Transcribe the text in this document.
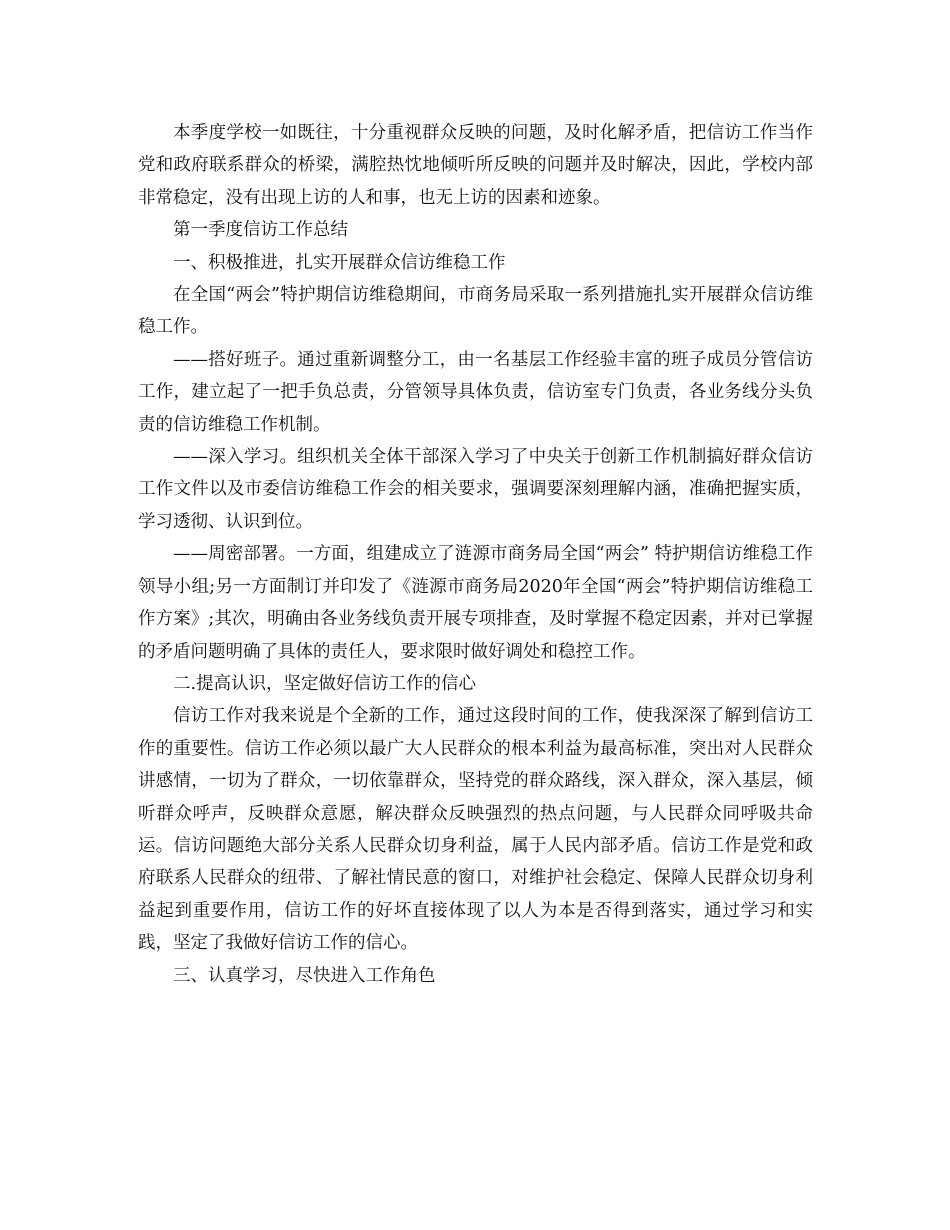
本季度学校一如既往，十分重视群众反映的问题，及时化解矛盾，把信访工作当作党和政府联系群众的桥梁，满腔热忱地倾听所反映的问题并及时解决，因此，学校内部非常稳定，没有出现上访的人和事，也无上访的因素和迹象。

第一季度信访工作总结

一、积极推进，扎实开展群众信访维稳工作

在全国“两会”特护期信访维稳期间，市商务局采取一系列措施扎实开展群众信访维稳工作。

——搭好班子。通过重新调整分工，由一名基层工作经验丰富的班子成员分管信访工作，建立起了一把手负总责，分管领导具体负责，信访室专门负责，各业务线分头负责的信访维稳工作机制。

——深入学习。组织机关全体干部深入学习了中央关于创新工作机制搞好群众信访工作文件以及市委信访维稳工作会的相关要求，强调要深刻理解内涵，准确把握实质，学习透彻、认识到位。

——周密部署。一方面，组建成立了涟源市商务局全国“两会” 特护期信访维稳工作领导小组;另一方面制订并印发了《涟源市商务局2020年全国“两会”特护期信访维稳工作方案》;其次，明确由各业务线负责开展专项排查，及时掌握不稳定因素，并对已掌握的矛盾问题明确了具体的责任人，要求限时做好调处和稳控工作。

二.提高认识，坚定做好信访工作的信心

信访工作对我来说是个全新的工作，通过这段时间的工作，使我深深了解到信访工作的重要性。信访工作必须以最广大人民群众的根本利益为最高标准，突出对人民群众讲感情，一切为了群众，一切依靠群众，坚持党的群众路线，深入群众，深入基层，倾听群众呼声，反映群众意愿，解决群众反映强烈的热点问题，与人民群众同呼吸共命运。信访问题绝大部分关系人民群众切身利益，属于人民内部矛盾。信访工作是党和政府联系人民群众的纽带、了解社情民意的窗口，对维护社会稳定、保障人民群众切身利益起到重要作用，信访工作的好坏直接体现了以人为本是否得到落实，通过学习和实践，坚定了我做好信访工作的信心。

三、认真学习，尽快进入工作角色
